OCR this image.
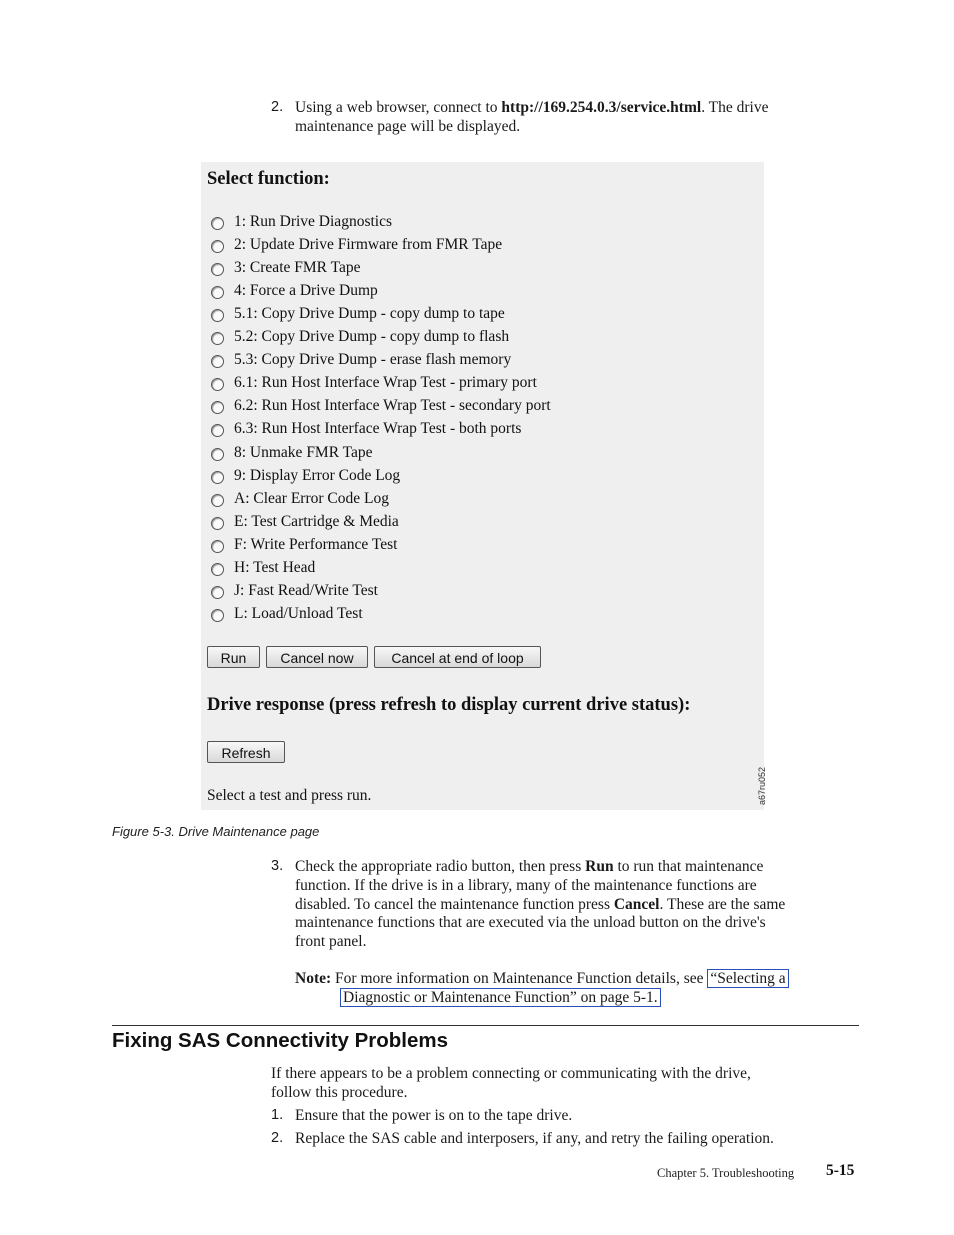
2. Using a web browser, connect to http://169.254.0.3/service.html. The drive
maintenance page will be displayed.
Select function:
1: Run Drive Diagnostics
2: Update Drive Firmware from FMR Tape
3: Create FMR Tape
4: Force a Drive Dump
5.1: Copy Drive Dump - copy dump to tape
5.2: Copy Drive Dump - copy dump to flash
5.3: Copy Drive Dump - erase flash memory
6.1: Run Host Interface Wrap Test - primary port
6.2: Run Host Interface Wrap Test - secondary port
6.3: Run Host Interface Wrap Test - both ports
8: Unmake FMR Tape
9: Display Error Code Log
A: Clear Error Code Log
E: Test Cartridge & Media
F: Write Performance Test
H: Test Head
J: Fast Read/Write Test
L: Load/Unload Test
Run	Cancel now	Cancel at end of loop
Drive response (press refresh to display current drive status):
Refresh
Select a test and press run.	a67ru052
Figure 5-3. Drive Maintenance page
3. Check the appropriate radio button, then press Run to run that maintenance
function. If the drive is in a library, many of the maintenance functions are
disabled. To cancel the maintenance function press Cancel. These are the same
maintenance functions that are executed via the unload button on the drive's
front panel.
Note: For more information on Maintenance Function details, see “Selecting a
Diagnostic or Maintenance Function” on page 5-1.
Fixing SAS Connectivity Problems
If there appears to be a problem connecting or communicating with the drive,
follow this procedure.
1. Ensure that the power is on to the tape drive.
2. Replace the SAS cable and interposers, if any, and retry the failing operation.
Chapter 5. Troubleshooting 5-15
